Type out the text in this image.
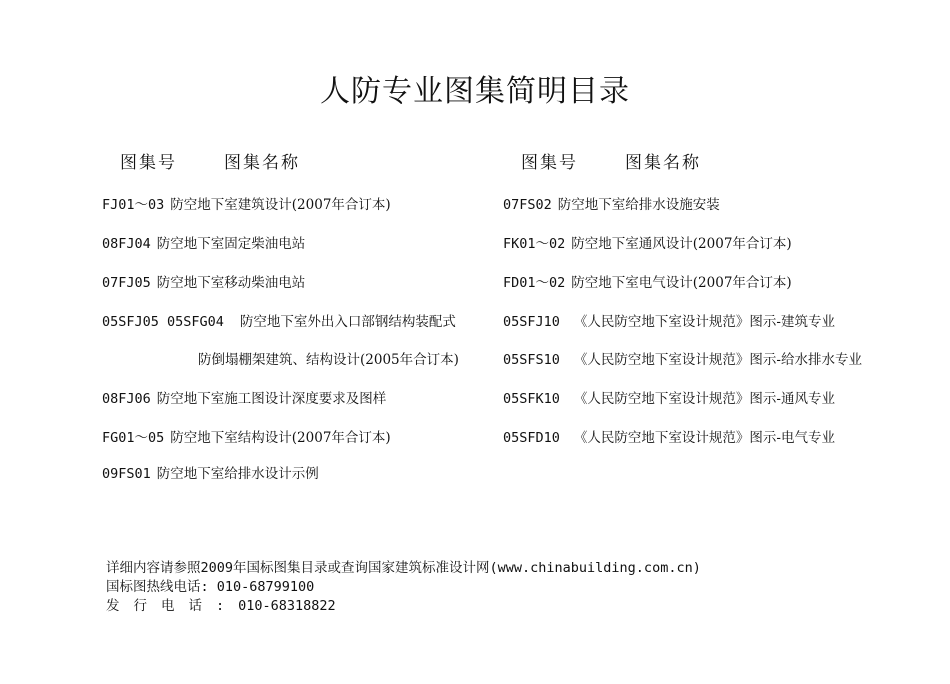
人防专业图集简明目录
图集号	图集名称
FJ01～03 防空地下室建筑设计(2007年合订本)
08FJ04 防空地下室固定柴油电站
07FJ05 防空地下室移动柴油电站
05SFJ05 05SFG04 防空地下室外出入口部钢结构装配式
防倒塌棚架建筑、结构设计(2005年合订本)
08FJ06 防空地下室施工图设计深度要求及图样
FG01～05 防空地下室结构设计(2007年合订本)
09FS01 防空地下室给排水设计示例
图集号	图集名称
07FS02 防空地下室给排水设施安装
FK01～02 防空地下室通风设计(2007年合订本)
FD01～02 防空地下室电气设计(2007年合订本)
05SFJ10 《人民防空地下室设计规范》图示-建筑专业
05SFS10 《人民防空地下室设计规范》图示-给水排水专业
05SFK10 《人民防空地下室设计规范》图示-通风专业
05SFD10 《人民防空地下室设计规范》图示-电气专业
详细内容请参照2009年国标图集目录或查询国家建筑标准设计网(www.chinabuilding.com.cn)
国标图热线电话: 010-68799100
发行电话:010-68318822
